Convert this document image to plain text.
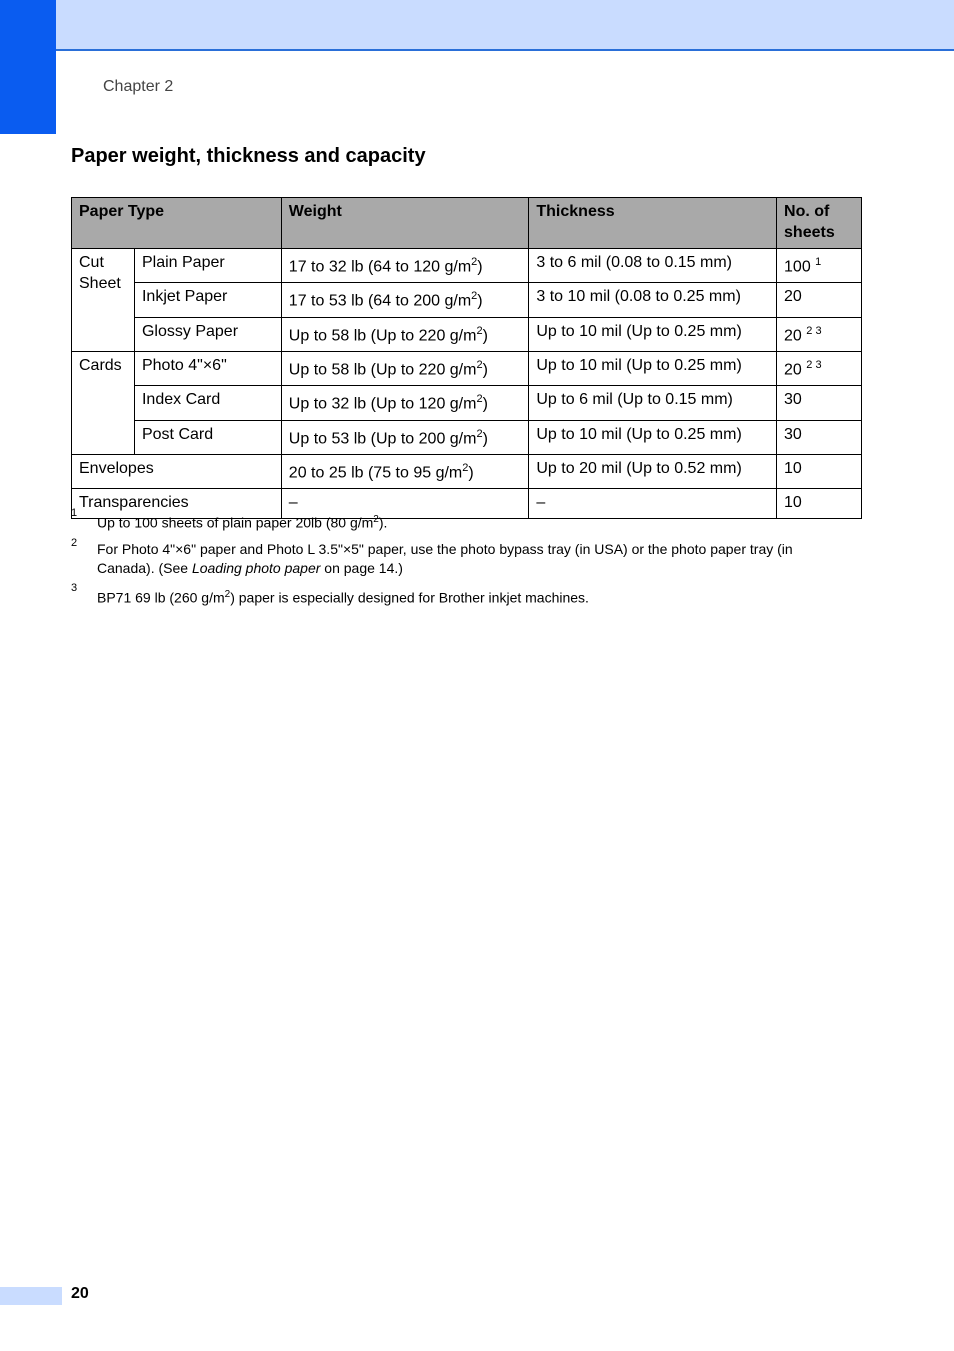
Chapter 2
Paper weight, thickness and capacity
Paper Type		Weight	Thickness	No. of sheets
Cut Sheet	Plain Paper	17 to 32 lb (64 to 120 $g/m^2$)	3 to 6 mil (0.08 to 0.15 mm)	100 $^1$
	Inkjet Paper	17 to 53 lb (64 to 200 $g/m^2$)	3 to 10 mil (0.08 to 0.25 mm)	20
	Glossy Paper	Up to 58 lb (Up to 220 $g/m^2$)	Up to 10 mil (Up to 0.25 mm)	20 $^{2 3}$
Cards	Photo 4"×6"	Up to 58 lb (Up to 220 $g/m^2$)	Up to 10 mil (Up to 0.25 mm)	20 $^{2 3}$
	Index Card	Up to 32 lb (Up to 120 $g/m^2$)	Up to 6 mil (Up to 0.15 mm)	30
	Post Card	Up to 53 lb (Up to 200 $g/m^2$)	Up to 10 mil (Up to 0.25 mm)	30
Envelopes		20 to 25 lb (75 to 95 $g/m^2$)	Up to 20 mil (Up to 0.52 mm)	10
Transparencies		–	–	10
1
Up to 100 sheets of plain paper 20lb (80 $g/m^2$).
2 For Photo 4"×6" paper and Photo L 3.5"×5" paper, use the photo bypass tray (in USA) or the photo paper tray (in Canada). (See Loading photo paper on page 14.)
3
BP71 69 lb (260 $g/m^2$) paper is especially designed for Brother inkjet machines.
20
